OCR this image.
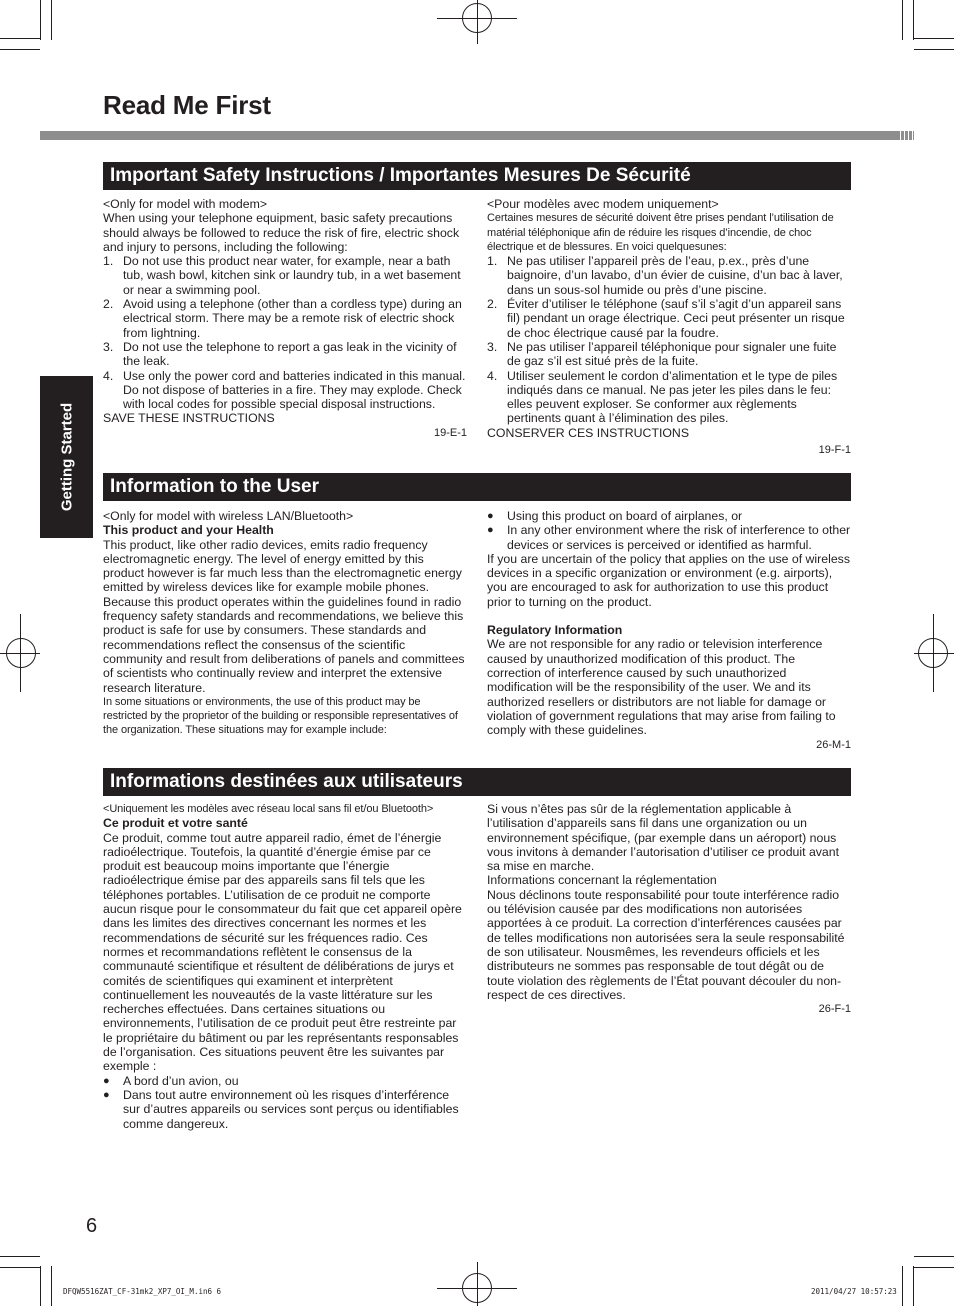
Read Me First
Getting Started
Important Safety Instructions / Importantes Mesures De Sécurité

<Only for model with modem>

When using your telephone equipment, basic safety precautions should always be followed to reduce the risk of fire, electric shock and injury to persons, including the following:

1. Do not use this product near water, for example, near a bath tub, wash bowl, kitchen sink or laundry tub, in a wet basement or near a swimming pool.
2. Avoid using a telephone (other than a cordless type) during an electrical storm. There may be a remote risk of electric shock from lightning.
3. Do not use the telephone to report a gas leak in the vicinity of the leak.
4. Use only the power cord and batteries indicated in this manual. Do not dispose of batteries in a fire. They may explode. Check with local codes for possible special disposal instructions.

SAVE THESE INSTRUCTIONS

19-E-1

<Pour modèles avec modem uniquement>

Certaines mesures de sécurité doivent être prises pendant l’utilisation de matérial téléphonique afin de réduire les risques d’incendie, de choc électrique et de blessures. En voici quelquesunes:

1. Ne pas utiliser l’appareil près de l’eau, p.ex., près d’une baignoire, d’un lavabo, d’un évier de cuisine, d’un bac à laver, dans un sous-sol humide ou près d’une piscine.
2. Éviter d’utiliser le téléphone (sauf s’il s’agit d’un appareil sans fil) pendant un orage électrique. Ceci peut présenter un risque de choc électrique causé par la foudre.
3. Ne pas utiliser l’appareil téléphonique pour signaler une fuite de gaz s’il est situé près de la fuite.
4. Utiliser seulement le cordon d’alimentation et le type de piles indiqués dans ce manual. Ne pas jeter les piles dans le feu: elles peuvent exploser. Se conformer aux règlements pertinents quant à l’élimination des piles.

CONSERVER CES INSTRUCTIONS

19-F-1

Information to the User

<Only for model with wireless LAN/Bluetooth>

This product and your Health

This product, like other radio devices, emits radio frequency electromagnetic energy. The level of energy emitted by this product however is far much less than the electromagnetic energy emitted by wireless devices like for example mobile phones. Because this product operates within the guidelines found in radio frequency safety standards and recommendations, we believe this product is safe for use by consumers. These standards and recommendations reflect the consensus of the scientific community and result from deliberations of panels and committees of scientists who continually review and interpret the extensive research literature.

In some situations or environments, the use of this product may be restricted by the proprietor of the building or responsible representatives of the organization. These situations may for example include:

● Using this product on board of airplanes, or
● In any other environment where the risk of interference to other devices or services is perceived or identified as harmful.

If you are uncertain of the policy that applies on the use of wireless devices in a specific organization or environment (e.g. airports), you are encouraged to ask for authorization to use this product prior to turning on the product.

Regulatory Information

We are not responsible for any radio or television interference caused by unauthorized modification of this product. The correction of interference caused by such unauthorized modification will be the responsibility of the user. We and its authorized resellers or distributors are not liable for damage or violation of government regulations that may arise from failing to comply with these guidelines.

26-M-1

Informations destinées aux utilisateurs

<Uniquement les modèles avec réseau local sans fil et/ou Bluetooth>

Ce produit et votre santé

Ce produit, comme tout autre appareil radio, émet de l’énergie radioélectrique. Toutefois, la quantité d’énergie émise par ce produit est beaucoup moins importante que l’énergie radioélectrique émise par des appareils sans fil tels que les téléphones portables. L’utilisation de ce produit ne comporte aucun risque pour le consommateur du fait que cet appareil opère dans les limites des directives concernant les normes et les recommendations de sécurité sur les fréquences radio. Ces normes et recommandations reflètent le consensus de la communauté scientifique et résultent de délibérations de jurys et comités de scientifiques qui examinent et interprètent continuellement les nouveautés de la vaste littérature sur les recherches effectuées. Dans certaines situations ou environnements, l’utilisation de ce produit peut être restreinte par le propriétaire du bâtiment ou par les représentants responsables de l’organisation. Ces situations peuvent être les suivantes par exemple :

● A bord d’un avion, ou
● Dans tout autre environnement où les risques d’interférence sur d’autres appareils ou services sont perçus ou identifiables comme dangereux.

Si vous n’êtes pas sûr de la réglementation applicable à l’utilisation d’appareils sans fil dans une organization ou un environnement spécifique, (par exemple dans un aéroport) nous vous invitons à demander l’autorisation d’utiliser ce produit avant sa mise en marche.

Informations concernant la réglementation

Nous déclinons toute responsabilité pour toute interférence radio ou télévision causée par des modifications non autorisées apportées à ce produit. La correction d’interférences causées par de telles modifications non autorisées sera la seule responsabilité de son utilisateur. Nousmêmes, les revendeurs officiels et les distributeurs ne sommes pas responsable de tout dégât ou de toute violation des règlements de l’État pouvant découler du non-respect de ces directives.

26-F-1

6
DFQW5516ZAT_CF-31mk2_XP7_OI_M.in6 6	2011/04/27 10:57:23
